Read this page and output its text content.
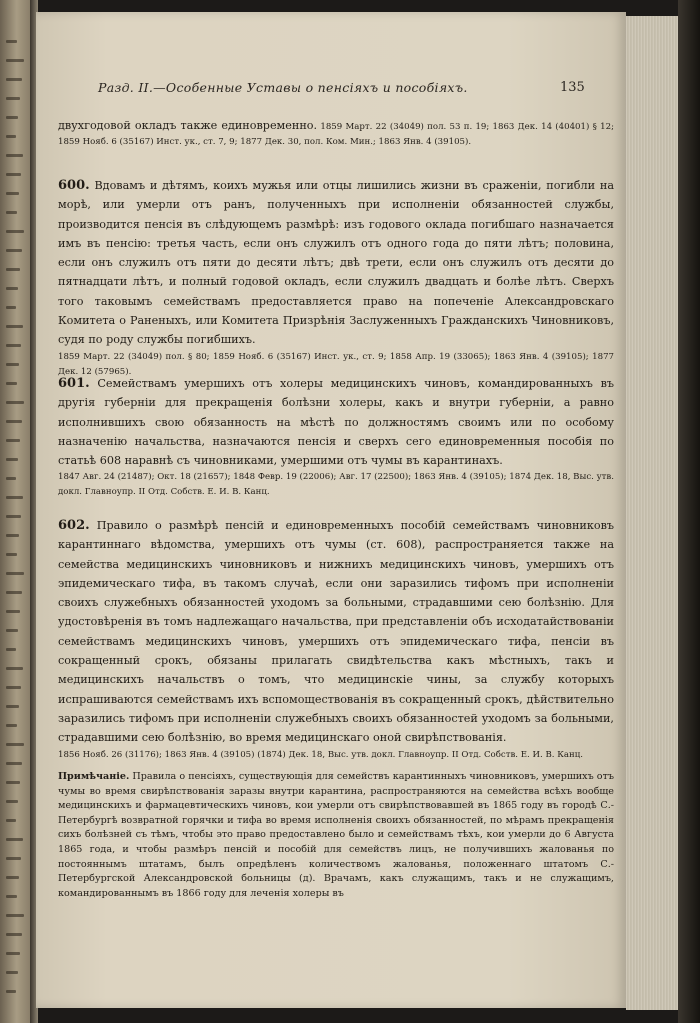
Разд. II.—Особенные Уставы о пенсіяхъ и пособіяхъ.	135

двухгодовой окладъ также единовременно. 1859 Март. 22 (34049) пол. 53 п. 19; 1863 Дек. 14 (40401) § 12; 1859 Нояб. 6 (35167) Инст. ук., ст. 7, 9; 1877 Дек. 30, пол. Ком. Мин.; 1863 Янв. 4 (39105).

600. Вдовамъ и дѣтямъ, коихъ мужья или отцы лишились жизни въ сраженіи, погибли на морѣ, или умерли отъ ранъ, полученныхъ при исполненіи обязанностей службы, производится пенсія въ слѣдующемъ размѣрѣ: изъ годового оклада погибшаго назначается имъ въ пенсію: третья часть, если онъ служилъ отъ одного года до пяти лѣтъ; половина, если онъ служилъ отъ пяти до десяти лѣтъ; двѣ трети, если онъ служилъ отъ десяти до пятнадцати лѣтъ, и полный годовой окладъ, если служилъ двадцать и болѣе лѣтъ. Сверхъ того таковымъ семействамъ предоставляется право на попеченіе Александровскаго Комитета о Раненыхъ, или Комитета Призрѣнія Заслуженныхъ Гражданскихъ Чиновниковъ, судя по роду службы погибшихъ.

1859 Март. 22 (34049) пол. § 80; 1859 Нояб. 6 (35167) Инст. ук., ст. 9; 1858 Апр. 19 (33065); 1863 Янв. 4 (39105); 1877 Дек. 12 (57965).

601. Семействамъ умершихъ отъ холеры медицинскихъ чиновъ, командированныхъ въ другія губерніи для прекращенія болѣзни холеры, какъ и внутри губерніи, а равно исполнившихъ свою обязанность на мѣстѣ по должностямъ своимъ или по особому назначенію начальства, назначаются пенсія и сверхъ сего единовременныя пособія по статьѣ 608 наравнѣ съ чиновниками, умершими отъ чумы въ карантинахъ.

1847 Авг. 24 (21487); Окт. 18 (21657); 1848 Февр. 19 (22006); Авг. 17 (22500); 1863 Янв. 4 (39105); 1874 Дек. 18, Выс. утв. докл. Главноупр. II Отд. Собств. Е. И. В. Канц.

602. Правило о размѣрѣ пенсій и единовременныхъ пособій семействамъ чиновниковъ карантиннаго вѣдомства, умершихъ отъ чумы (ст. 608), распространяется также на семейства медицинскихъ чиновниковъ и нижнихъ медицинскихъ чиновъ, умершихъ отъ эпидемическаго тифа, въ такомъ случаѣ, если они заразились тифомъ при исполненіи своихъ служебныхъ обязанностей уходомъ за больными, страдавшими сею болѣзнію. Для удостовѣренія въ томъ надлежащаго начальства, при представленіи объ исходатайствованіи семействамъ медицинскихъ чиновъ, умершихъ отъ эпидемическаго тифа, пенсіи въ сокращенный срокъ, обязаны прилагать свидѣтельства какъ мѣстныхъ, такъ и медицинскихъ начальствъ о томъ, что медицинскіе чины, за службу которыхъ испрашиваются семействамъ ихъ вспомоществованія въ сокращенный срокъ, дѣйствительно заразились тифомъ при исполненіи служебныхъ своихъ обязанностей уходомъ за больными, страдавшими сею болѣзнію, во время медицинскаго оной свирѣпствованія.

1856 Нояб. 26 (31176); 1863 Янв. 4 (39105) (1874) Дек. 18, Выс. утв. докл. Главноупр. II Отд. Собств. Е. И. В. Канц.

Примѣчаніе. Правила о пенсіяхъ, существующія для семействъ карантинныхъ чиновниковъ, умершихъ отъ чумы во время свирѣпствованія заразы внутри карантина, распространяются на семейства всѣхъ вообще медицинскихъ и фармацевтическихъ чиновъ, кои умерли отъ свирѣпствовавшей въ 1865 году въ городѣ С.-Петербургѣ возвратной горячки и тифа во время исполненія своихъ обязанностей, по мѣрамъ прекращенія сихъ болѣзней съ тѣмъ, чтобы это право предоставлено было и семействамъ тѣхъ, кои умерли до 6 Августа 1865 года, и чтобы размѣръ пенсій и пособій для семействъ лицъ, не получившихъ жалованья по постояннымъ штатамъ, былъ опредѣленъ количествомъ жалованья, положеннаго штатомъ С.-Петербургской Александровской больницы (д). Врачамъ, какъ служащимъ, такъ и не служащимъ, командированнымъ въ 1866 году для леченія холеры въ
